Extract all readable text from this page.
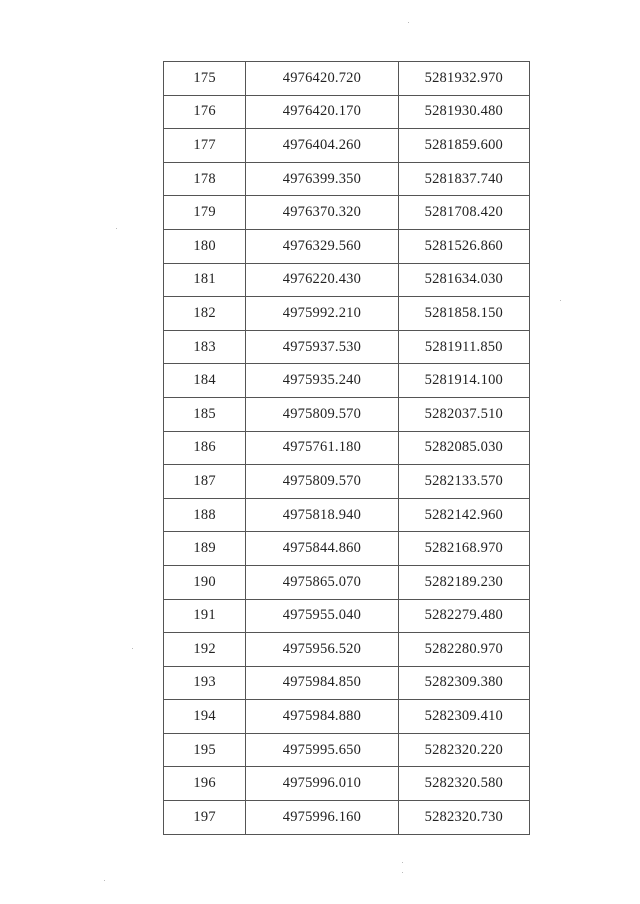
175	4976420.720	5281932.970
176	4976420.170	5281930.480
177	4976404.260	5281859.600
178	4976399.350	5281837.740
179	4976370.320	5281708.420
180	4976329.560	5281526.860
181	4976220.430	5281634.030
182	4975992.210	5281858.150
183	4975937.530	5281911.850
184	4975935.240	5281914.100
185	4975809.570	5282037.510
186	4975761.180	5282085.030
187	4975809.570	5282133.570
188	4975818.940	5282142.960
189	4975844.860	5282168.970
190	4975865.070	5282189.230
191	4975955.040	5282279.480
192	4975956.520	5282280.970
193	4975984.850	5282309.380
194	4975984.880	5282309.410
195	4975995.650	5282320.220
196	4975996.010	5282320.580
197	4975996.160	5282320.730
